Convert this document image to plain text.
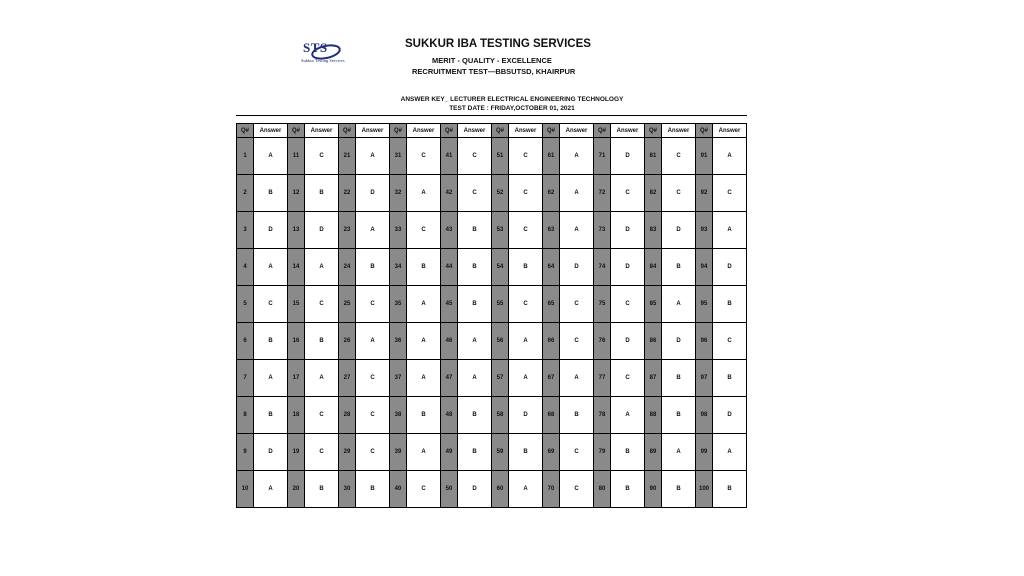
STS
Sukkur Testing Services
SUKKUR IBA TESTING SERVICES
MERIT - QUALITY - EXCELLENCE
RECRUITMENT TEST—BBSUTSD, KHAIRPUR
ANSWER KEY_ LECTURER ELECTRICAL ENGINEERING TECHNOLOGY
TEST DATE : FRIDAY,OCTOBER 01, 2021
Q#	Answer	Q#	Answer	Q#	Answer	Q#	Answer	Q#	Answer	Q#	Answer	Q#	Answer	Q#	Answer	Q#	Answer	Q#	Answer
1	A	11	C	21	A	31	C	41	C	51	C	61	A	71	D	81	C	91	A
2	B	12	B	22	D	32	A	42	C	52	C	62	A	72	C	82	C	92	C
3	D	13	D	23	A	33	C	43	B	53	C	63	A	73	D	83	D	93	A
4	A	14	A	24	B	34	B	44	B	54	B	64	D	74	D	84	B	94	D
5	C	15	C	25	C	35	A	45	B	55	C	65	C	75	C	85	A	95	B
6	B	16	B	26	A	36	A	46	A	56	A	66	C	76	D	86	D	96	C
7	A	17	A	27	C	37	A	47	A	57	A	67	A	77	C	87	B	97	B
8	B	18	C	28	C	38	B	48	B	58	D	68	B	78	A	88	B	98	D
9	D	19	C	29	C	39	A	49	B	59	B	69	C	79	B	89	A	99	A
10	A	20	B	30	B	40	C	50	D	60	A	70	C	80	B	90	B	100	B
